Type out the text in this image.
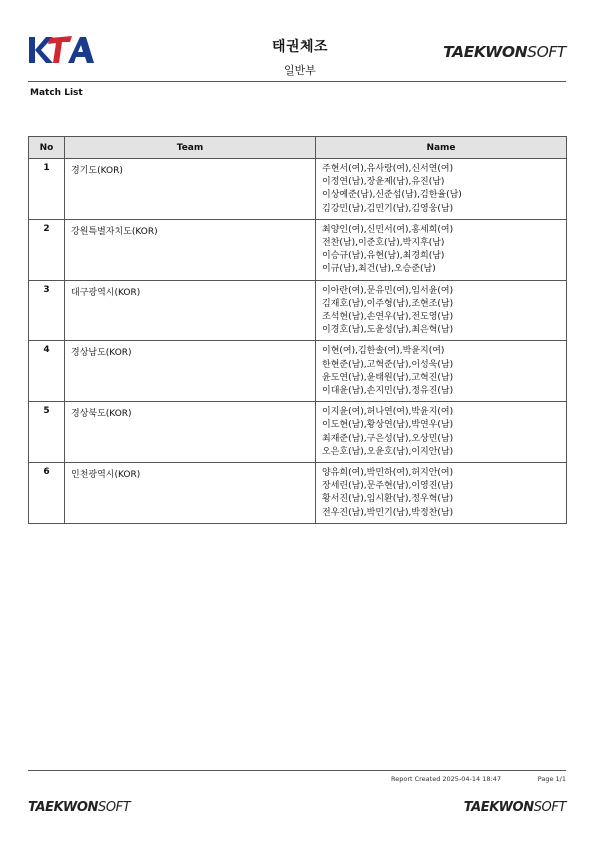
태권체조
일반부
TAEKWONSOFT
Match List
No	Team	Name
1	경기도(KOR)	주현서(여),유사랑(여),신서연(여)
이정연(남),장윤제(남),유진(남)
이상예준(남),신준섭(남),김한율(남)
김강민(남),김민기(남),김영웅(남)

2	강원특별자치도(KOR)	최양인(여),신민서(여),홍세희(여)
전찬(남),이준호(남),박지후(남)
이승규(남),유현(남),최경희(남)
이규(남),최건(남),오승준(남)

3	대구광역시(KOR)	이아란(여),문유민(여),임서윤(여)
김재호(남),이주형(남),조현조(남)
조석현(남),손연우(남),전도영(남)
이경호(남),도윤성(남),최은혁(남)

4	경상남도(KOR)	이현(여),김한솔(여),박윤지(여)
한현준(남),고혁준(남),이성욱(남)
윤도연(남),윤태원(남),고혁진(남)
이대윤(남),손지민(남),정유진(남)

5	경상북도(KOR)	이지윤(여),허나연(여),박윤지(여)
이도현(남),황상연(남),박연우(남)
최재준(남),구은성(남),오상민(남)
오은호(남),오윤호(남),이지안(남)

6	인천광역시(KOR)	양유희(여),박민하(여),허지안(여)
장세린(남),문주현(남),이영진(남)
황서진(남),임시환(남),정우혁(남)
전우진(남),박민기(남),박정찬(남)
Report Created 2025-04-14 18:47	Page 1/1
TAEKWONSOFT	TAEKWONSOFT
